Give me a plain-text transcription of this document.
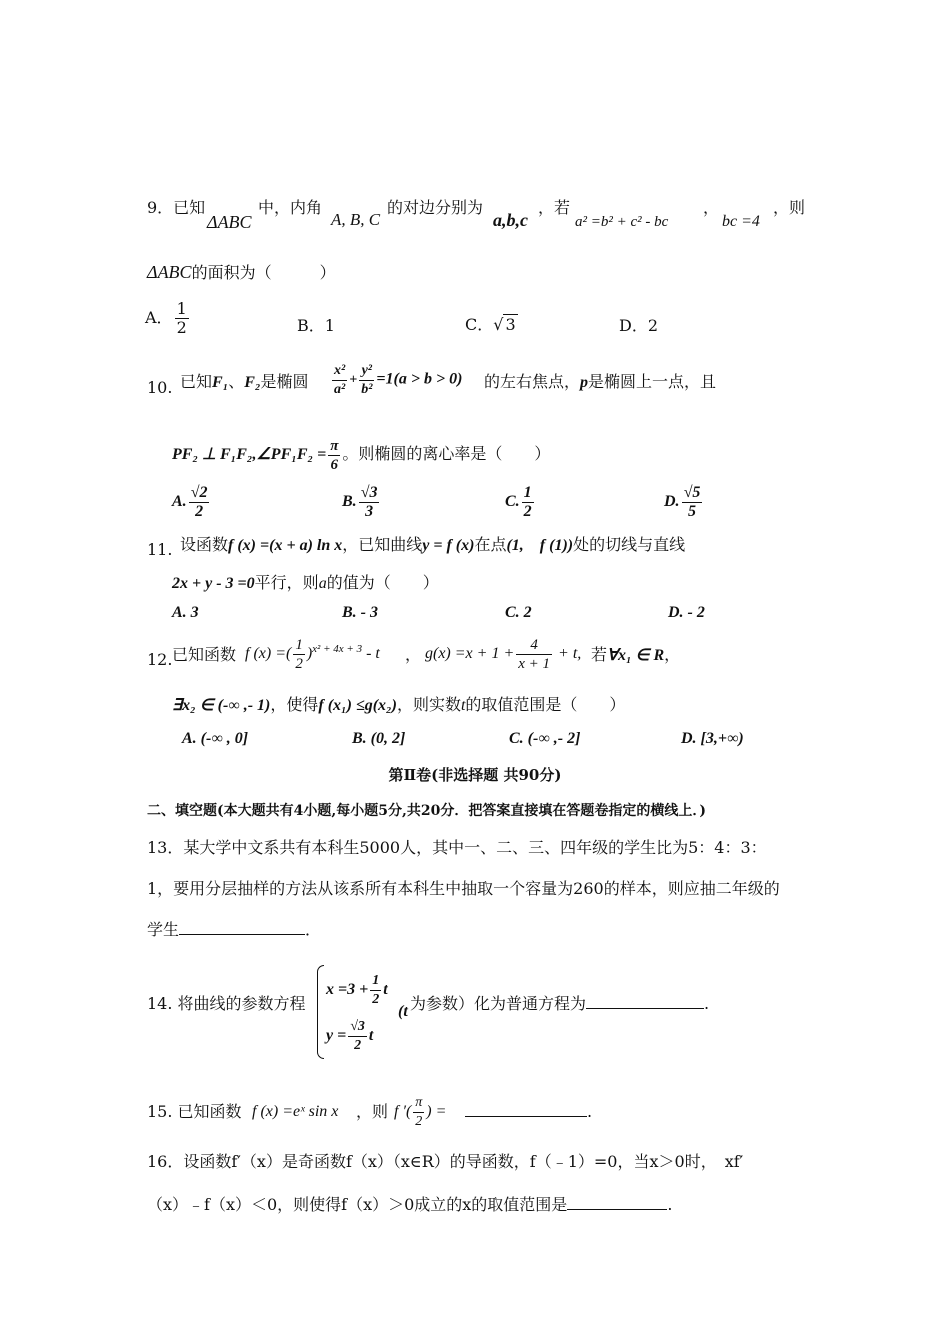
9．已知
ΔABC
中，内角
A, B, C
的对边分别为
a,b,c
，若
a² =b² + c² - bc
，
bc =4
，则
ΔABC的面积为（　　　）
A． $\frac{1}{2}$	B．1	C．√ 3	D．2
10. 已知F₁、F₂是椭圆 $\frac{\text{x²}}{\text{a²}} + \frac{\text{y²}}{\text{b²}} =1(a > b > 0)$ 的左右焦点，p是椭圆上一点，且
PF₂ ⊥ F₁F₂,∠PF₁F₂ = $\frac{\pi}{6}$ 。则椭圆的离心率是（　　）
A. $\frac{√2}{2}$	B. $\frac{√3}{3}$	C. $\frac{1}{2}$	D. $\frac{√5}{5}$
11. 设函数f (x) =(x + a) ln x，已知曲线y = f (x)在点(1,　f (1))处的切线与直线
2x + y - 3 =0平行，则a的值为（　　）
A. 3	B. - 3	C. 2	D. - 2
12. 已知函数 f (x) =( $\frac{1}{2} )^{x^2 + 4x + 3}$ - t ， $g(x) =x + 1 + \frac{4}{x + 1} + t$, 若∀x₁ ∈ R，
∃x₂ ∈ (-∞ ,- 1)，使得f (x₁) ≤g(x₂)，则实数t的取值范围是（　　）
A. (-∞ , 0]	B. (0, 2]	C. (-∞ ,- 2]	D. [3,+∞)
第Ⅱ卷(非选择题 共90分)
二、填空题(本大题共有4小题,每小题5分,共20分．把答案直接填在答题卷指定的横线上．)
13．某大学中文系共有本科生5000人，其中一、二、三、四年级的学生比为5：4：3：
1，要用分层抽样的方法从该系所有本科生中抽取一个容量为260的样本，则应抽二年级的
学生	．
14. 将曲线的参数方程
$x =3 + \frac{1}{2}$ t
(t
$y = \frac{√3}{2}$ t
为参数）化为普通方程为	.
15. 已知函数 f (x) =eˣ sin x ，则 f ′( $\frac{\pi}{2}$ ) =	.
16．设函数f′（x）是奇函数f（x）（x∈R）的导函数，f（﹣1）=0，当x＞0时，　xf′
（x）﹣f（x）＜0，则使得f（x）＞0成立的x的取值范围是	.
